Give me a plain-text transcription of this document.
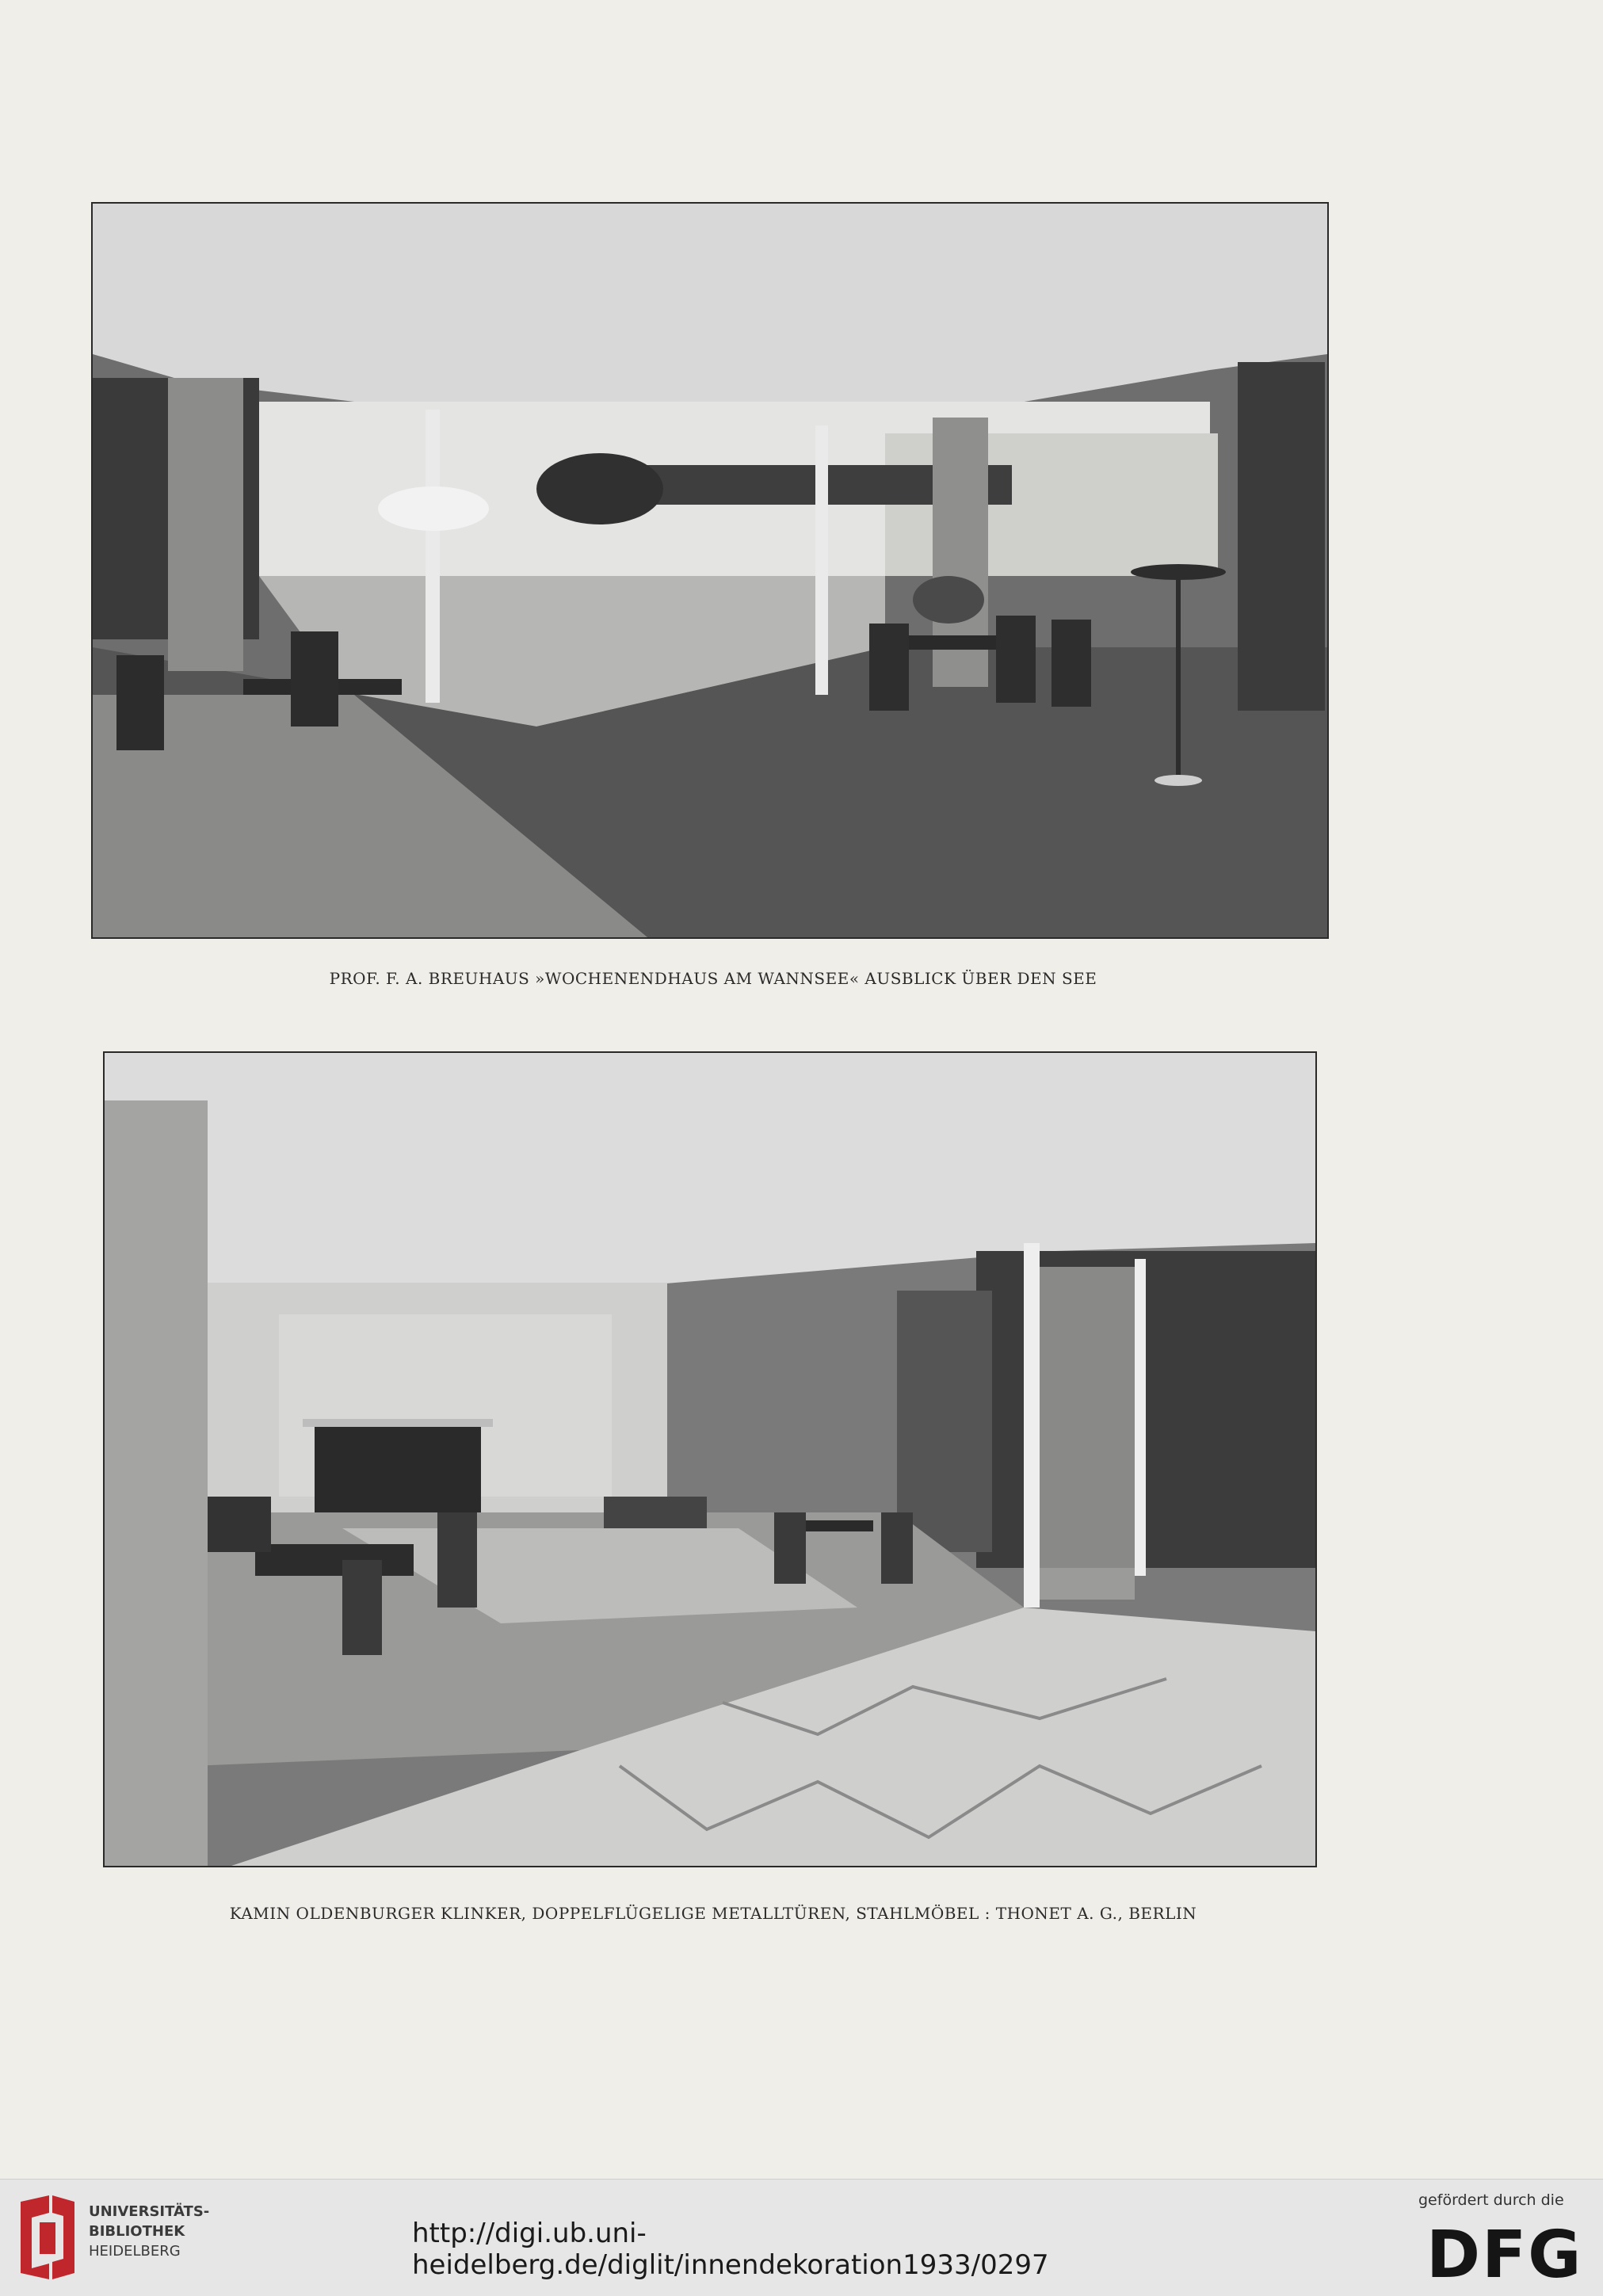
PROF. F. A. BREUHAUS »WOCHENENDHAUS AM WANNSEE« AUSBLICK ÜBER DEN SEE
KAMIN OLDENBURGER KLINKER, DOPPELFLÜGELIGE METALLTÜREN, STAHLMÖBEL : THONET A. G., BERLIN
UNIVERSITÄTS-
BIBLIOTHEK
HEIDELBERG
http://digi.ub.uni-heidelberg.de/diglit/innendekoration1933/0297
gefördert durch die
DFG
